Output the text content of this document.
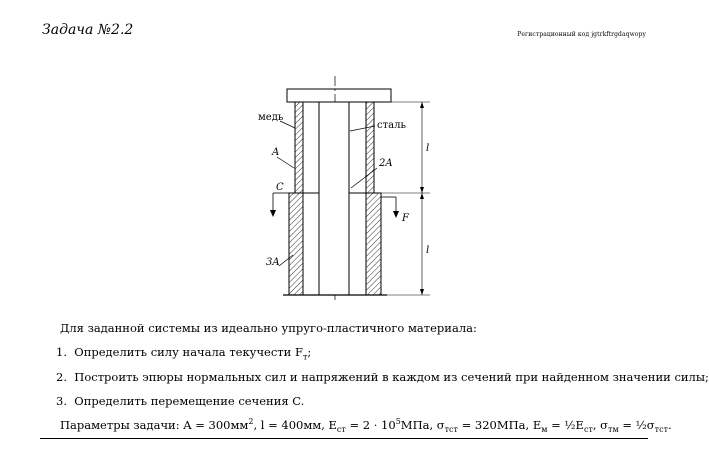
Задача №2.2	Регистрационный код jgtrkftrgdaqwopy
медь
сталь
A
2A
C
F
3A
l
l
Для заданной системы из идеально упруго-пластичного материала:
1. Определить силу начала текучести $F_т$;
2. Построить эпюры нормальных сил и напряжений в каждом из сечений при найденном значении силы;
3. Определить перемещение сечения C.
Параметры задачи: $A = 300мм^2$, l = 400мм, $E_{ст} = 2 \cdot 10^5МПа$, $\sigma_{тст} = 320МПа$, $E_м$ = $\frac{1}{2}E_{ст}$, $\sigma_{тм}$ = $\frac{1}{2}\sigma_{тст}$.
